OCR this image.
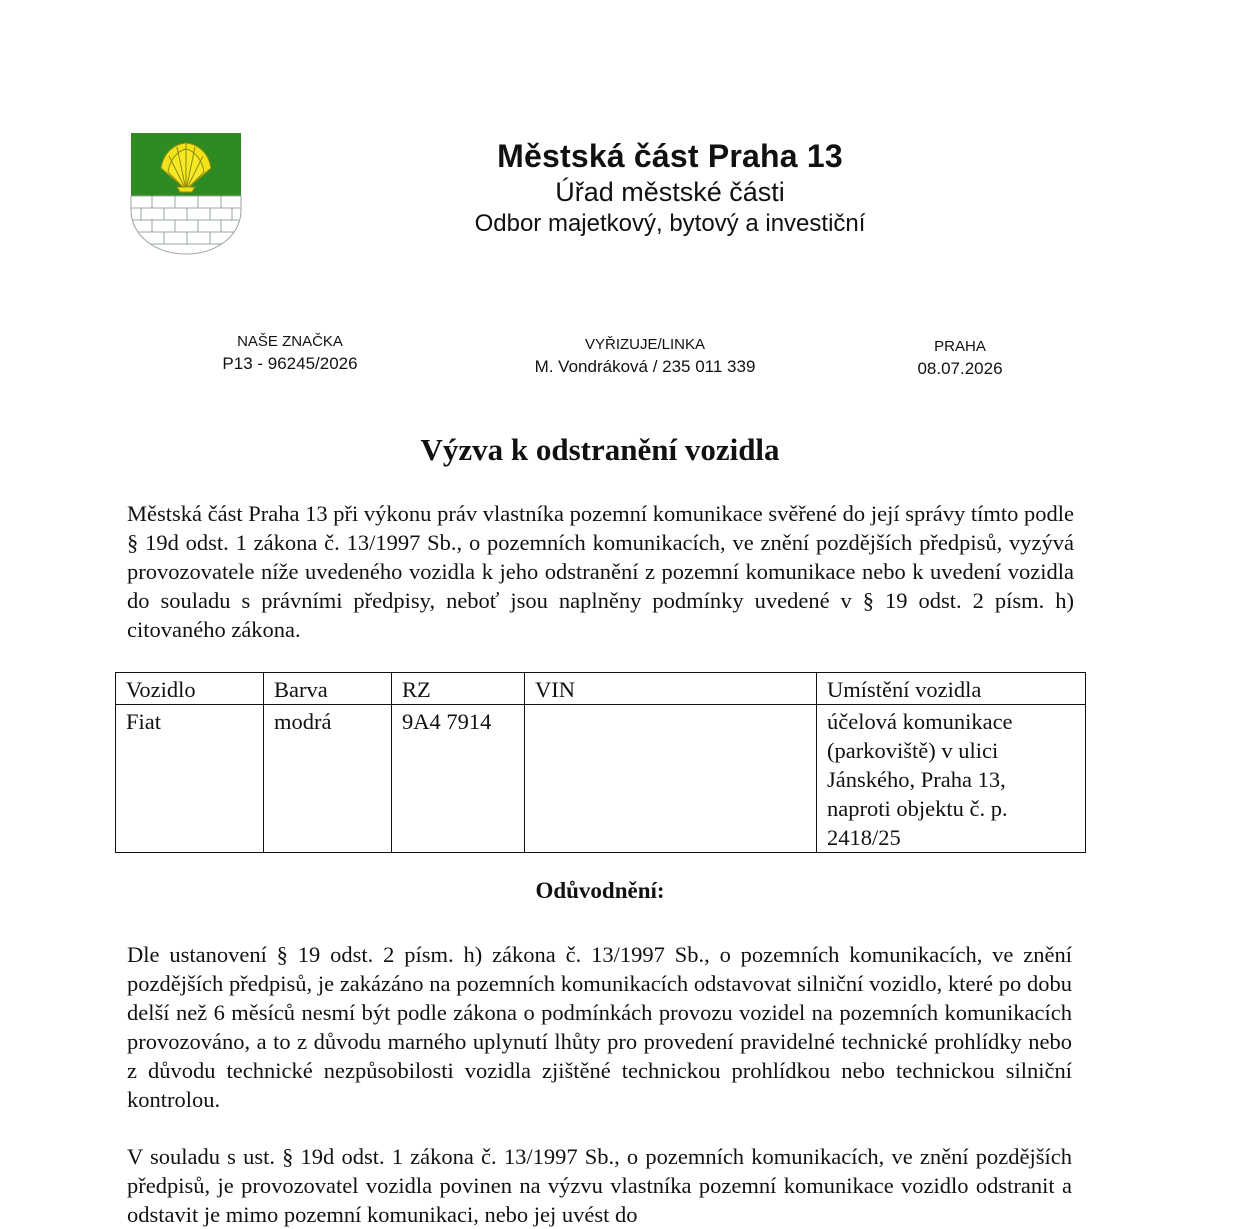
Městská část Praha 13
Úřad městské části
Odbor majetkový, bytový a investiční
NAŠE ZNAČKA
P13 - 96245/2026
VYŘIZUJE/LINKA
M. Vondráková / 235 011 339
PRAHA
08.07.2026
Výzva k odstranění vozidla

Městská část Praha 13 při výkonu práv vlastníka pozemní komunikace svěřené do její správy tímto podle § 19d odst. 1 zákona č. 13/1997 Sb., o pozemních komunikacích, ve znění pozdějších předpisů, vyzývá provozovatele níže uvedeného vozidla k jeho odstranění z pozemní komunikace nebo k uvedení vozidla do souladu s právními předpisy, neboť jsou naplněny podmínky uvedené v § 19 odst. 2 písm. h) citovaného zákona.

Vozidlo	Barva	RZ	VIN	Umístění vozidla
Fiat	modrá	9A4 7914		účelová komunikace
(parkoviště) v ulici
Jánského, Praha 13,
naproti objektu č. p.
2418/25
Odůvodnění:

Dle ustanovení § 19 odst. 2 písm. h) zákona č. 13/1997 Sb., o pozemních komunikacích, ve znění pozdějších předpisů, je zakázáno na pozemních komunikacích odstavovat silniční vozidlo, které po dobu delší než 6 měsíců nesmí být podle zákona o podmínkách provozu vozidel na pozemních komunikacích provozováno, a to z důvodu marného uplynutí lhůty pro provedení pravidelné technické prohlídky nebo z důvodu technické nezpůsobilosti vozidla zjištěné technickou prohlídkou nebo technickou silniční kontrolou.

V souladu s ust. § 19d odst. 1 zákona č. 13/1997 Sb., o pozemních komunikacích, ve znění pozdějších předpisů, je provozovatel vozidla povinen na výzvu vlastníka pozemní komunikace vozidlo odstranit a odstavit je mimo pozemní komunikaci, nebo jej uvést do
